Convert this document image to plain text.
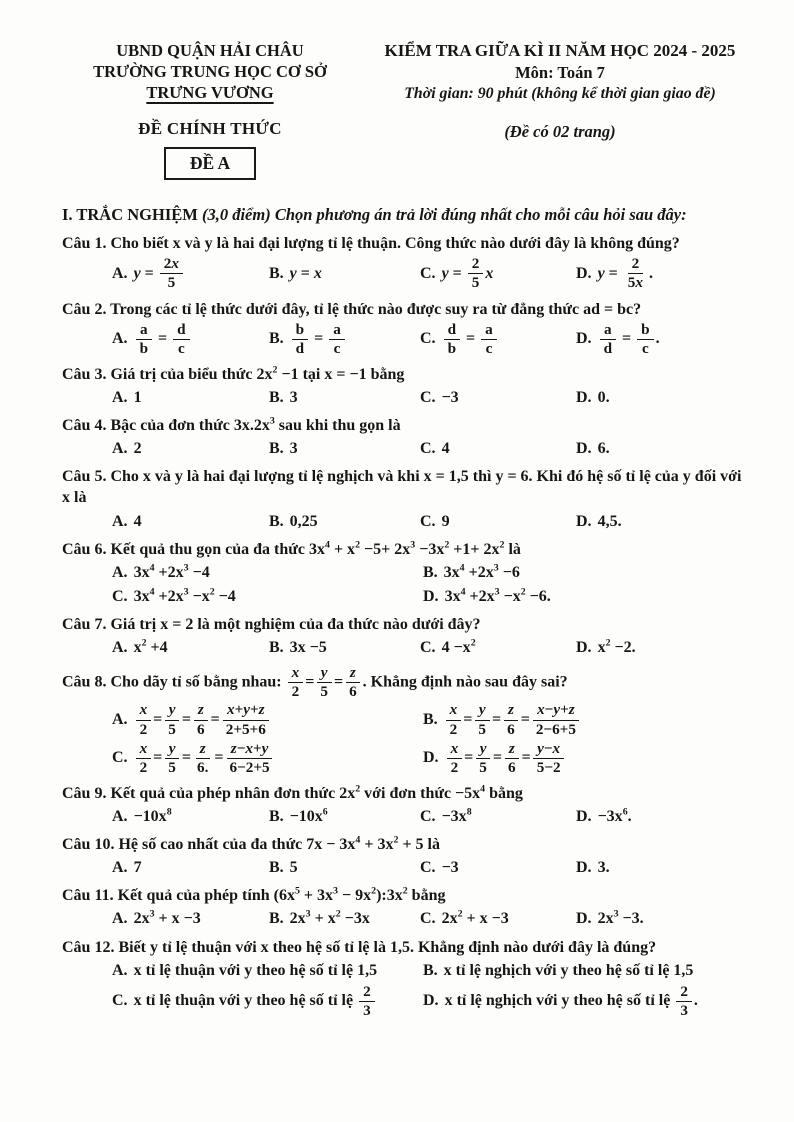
UBND QUẬN HẢI CHÂU
TRƯỜNG TRUNG HỌC CƠ SỞ
TRƯNG VƯƠNG
ĐỀ CHÍNH THỨC
ĐỀ A
KIỂM TRA GIỮA KÌ II NĂM HỌC 2024 - 2025
Môn: Toán 7
Thời gian: 90 phút (không kể thời gian giao đề)
(Đề có 02 trang)
I. TRẮC NGHIỆM (3,0 điểm) Chọn phương án trả lời đúng nhất cho mỗi câu hỏi sau đây:

Câu 1. Cho biết x và y là hai đại lượng tỉ lệ thuận. Công thức nào dưới đây là không đúng?

A. $y = \frac{2x}{5}$	B. y = x	C. $y = \frac{2}{5}$ x	D. $y = \frac{2}{5x}$ .

Câu 2. Trong các tỉ lệ thức dưới đây, tỉ lệ thức nào được suy ra từ đẳng thức ad = bc?

A. $\frac{a}{b} = \frac{d}{c}$	B. $\frac{b}{d} = \frac{a}{c}$	C. $\frac{d}{b} = \frac{a}{c}$	D. $\frac{a}{d} = \frac{b}{c}$ .

Câu 3. Giá trị của biểu thức $2x^2 -1$ tại x = −1 bằng

A. 1	B. 3	C. −3	D. 0.

Câu 4. Bậc của đơn thức $3x.2x^3$ sau khi thu gọn là

A. 2	B. 3	C. 4	D. 6.

Câu 5. Cho x và y là hai đại lượng tỉ lệ nghịch và khi x = 1,5 thì y = 6. Khi đó hệ số tỉ lệ của y đối với x là

A. 4	B. 0,25	C. 9	D. 4,5.

Câu 6. Kết quả thu gọn của đa thức $3x^4 + x^2 -5+ 2x^3 -3x^2 +1+ 2x^2$ là

A. $3x^4 +2x^3 -4$	B. $3x^4 +2x^3 -6$
C. $3x^4 +2x^3 -x^2 -4$	D. $3x^4 +2x^3 -x^2 -6$.

Câu 7. Giá trị x = 2 là một nghiệm của đa thức nào dưới đây?

A. $x^2 +4$	B. 3x −5	C. $4 -x^2$	D. $x^2 -2$.

Câu 8. Cho dãy tỉ số bằng nhau: $\frac{x}{2} = \frac{y}{5} = \frac{z}{6}$ . Khẳng định nào sau đây sai?

A. $\frac{x}{2} = \frac{y}{5} = \frac{z}{6} = \frac{x+y+z}{2+5+6}$	B. $\frac{x}{2} = \frac{y}{5} = \frac{z}{6} = \frac{x-y+z}{2-6+5}$
C. $\frac{x}{2} = \frac{y}{5} = \frac{z}{6.} = \frac{z-x+y}{6-2+5}$	D. $\frac{x}{2} = \frac{y}{5} = \frac{z}{6} = \frac{y-x}{5-2}$

Câu 9. Kết quả của phép nhân đơn thức $2x^2$ với đơn thức $-5x^4$ bằng

A. $-10x^8$	B. $-10x^6$	C. $-3x^8$	D. $-3x^6$.

Câu 10. Hệ số cao nhất của đa thức $7x - 3x^4 + 3x^2 + 5$ là

A. 7	B. 5	C. −3	D. 3.

Câu 11. Kết quả của phép tính ($6x^5 + 3x^3$ − $9x^2):3x^2$ bằng

A. $2x^3 + x -3$	B. $2x^3 + x^2 -3x$	C. $2x^2 + x -3$	D. $2x^3 -3$.

Câu 12. Biết y tỉ lệ thuận với x theo hệ số tỉ lệ là 1,5. Khẳng định nào dưới đây là đúng?

A. x tỉ lệ thuận với y theo hệ số tỉ lệ 1,5	B. x tỉ lệ nghịch với y theo hệ số tỉ lệ 1,5
C. x tỉ lệ thuận với y theo hệ số tỉ lệ $\frac{2}{3}$	D. x tỉ lệ nghịch với y theo hệ số tỉ lệ $\frac{2}{3}$ .
